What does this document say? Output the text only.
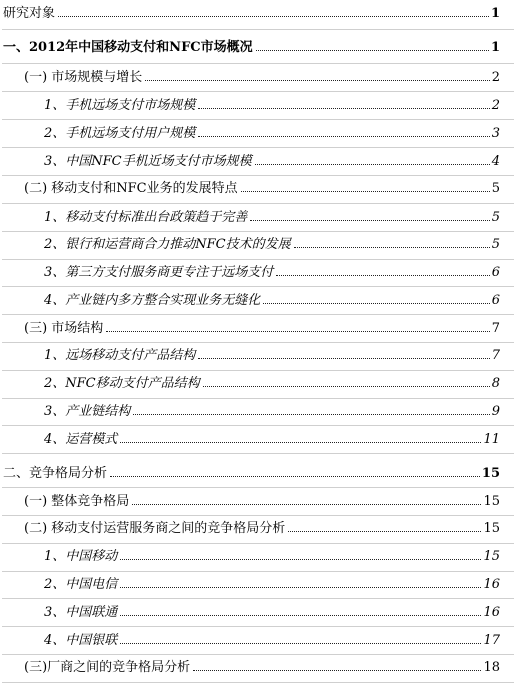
研究对象	1
一、2012年中国移动支付和NFC市场概况	1
(一) 市场规模与增长	2
1、手机远场支付市场规模	2
2、手机远场支付用户规模	3
3、中国NFC手机近场支付市场规模	4
(二) 移动支付和NFC业务的发展特点	5
1、移动支付标准出台政策趋于完善	5
2、银行和运营商合力推动NFC技术的发展	5
3、第三方支付服务商更专注于远场支付	6
4、产业链内多方整合实现业务无缝化	6
(三) 市场结构	7
1、远场移动支付产品结构	7
2、NFC移动支付产品结构	8
3、产业链结构	9
4、运营模式	11
二、竞争格局分析	15
(一) 整体竞争格局	15
(二) 移动支付运营服务商之间的竞争格局分析	15
1、中国移动	15
2、中国电信	16
3、中国联通	16
4、中国银联	17
(三)厂商之间的竞争格局分析	18
